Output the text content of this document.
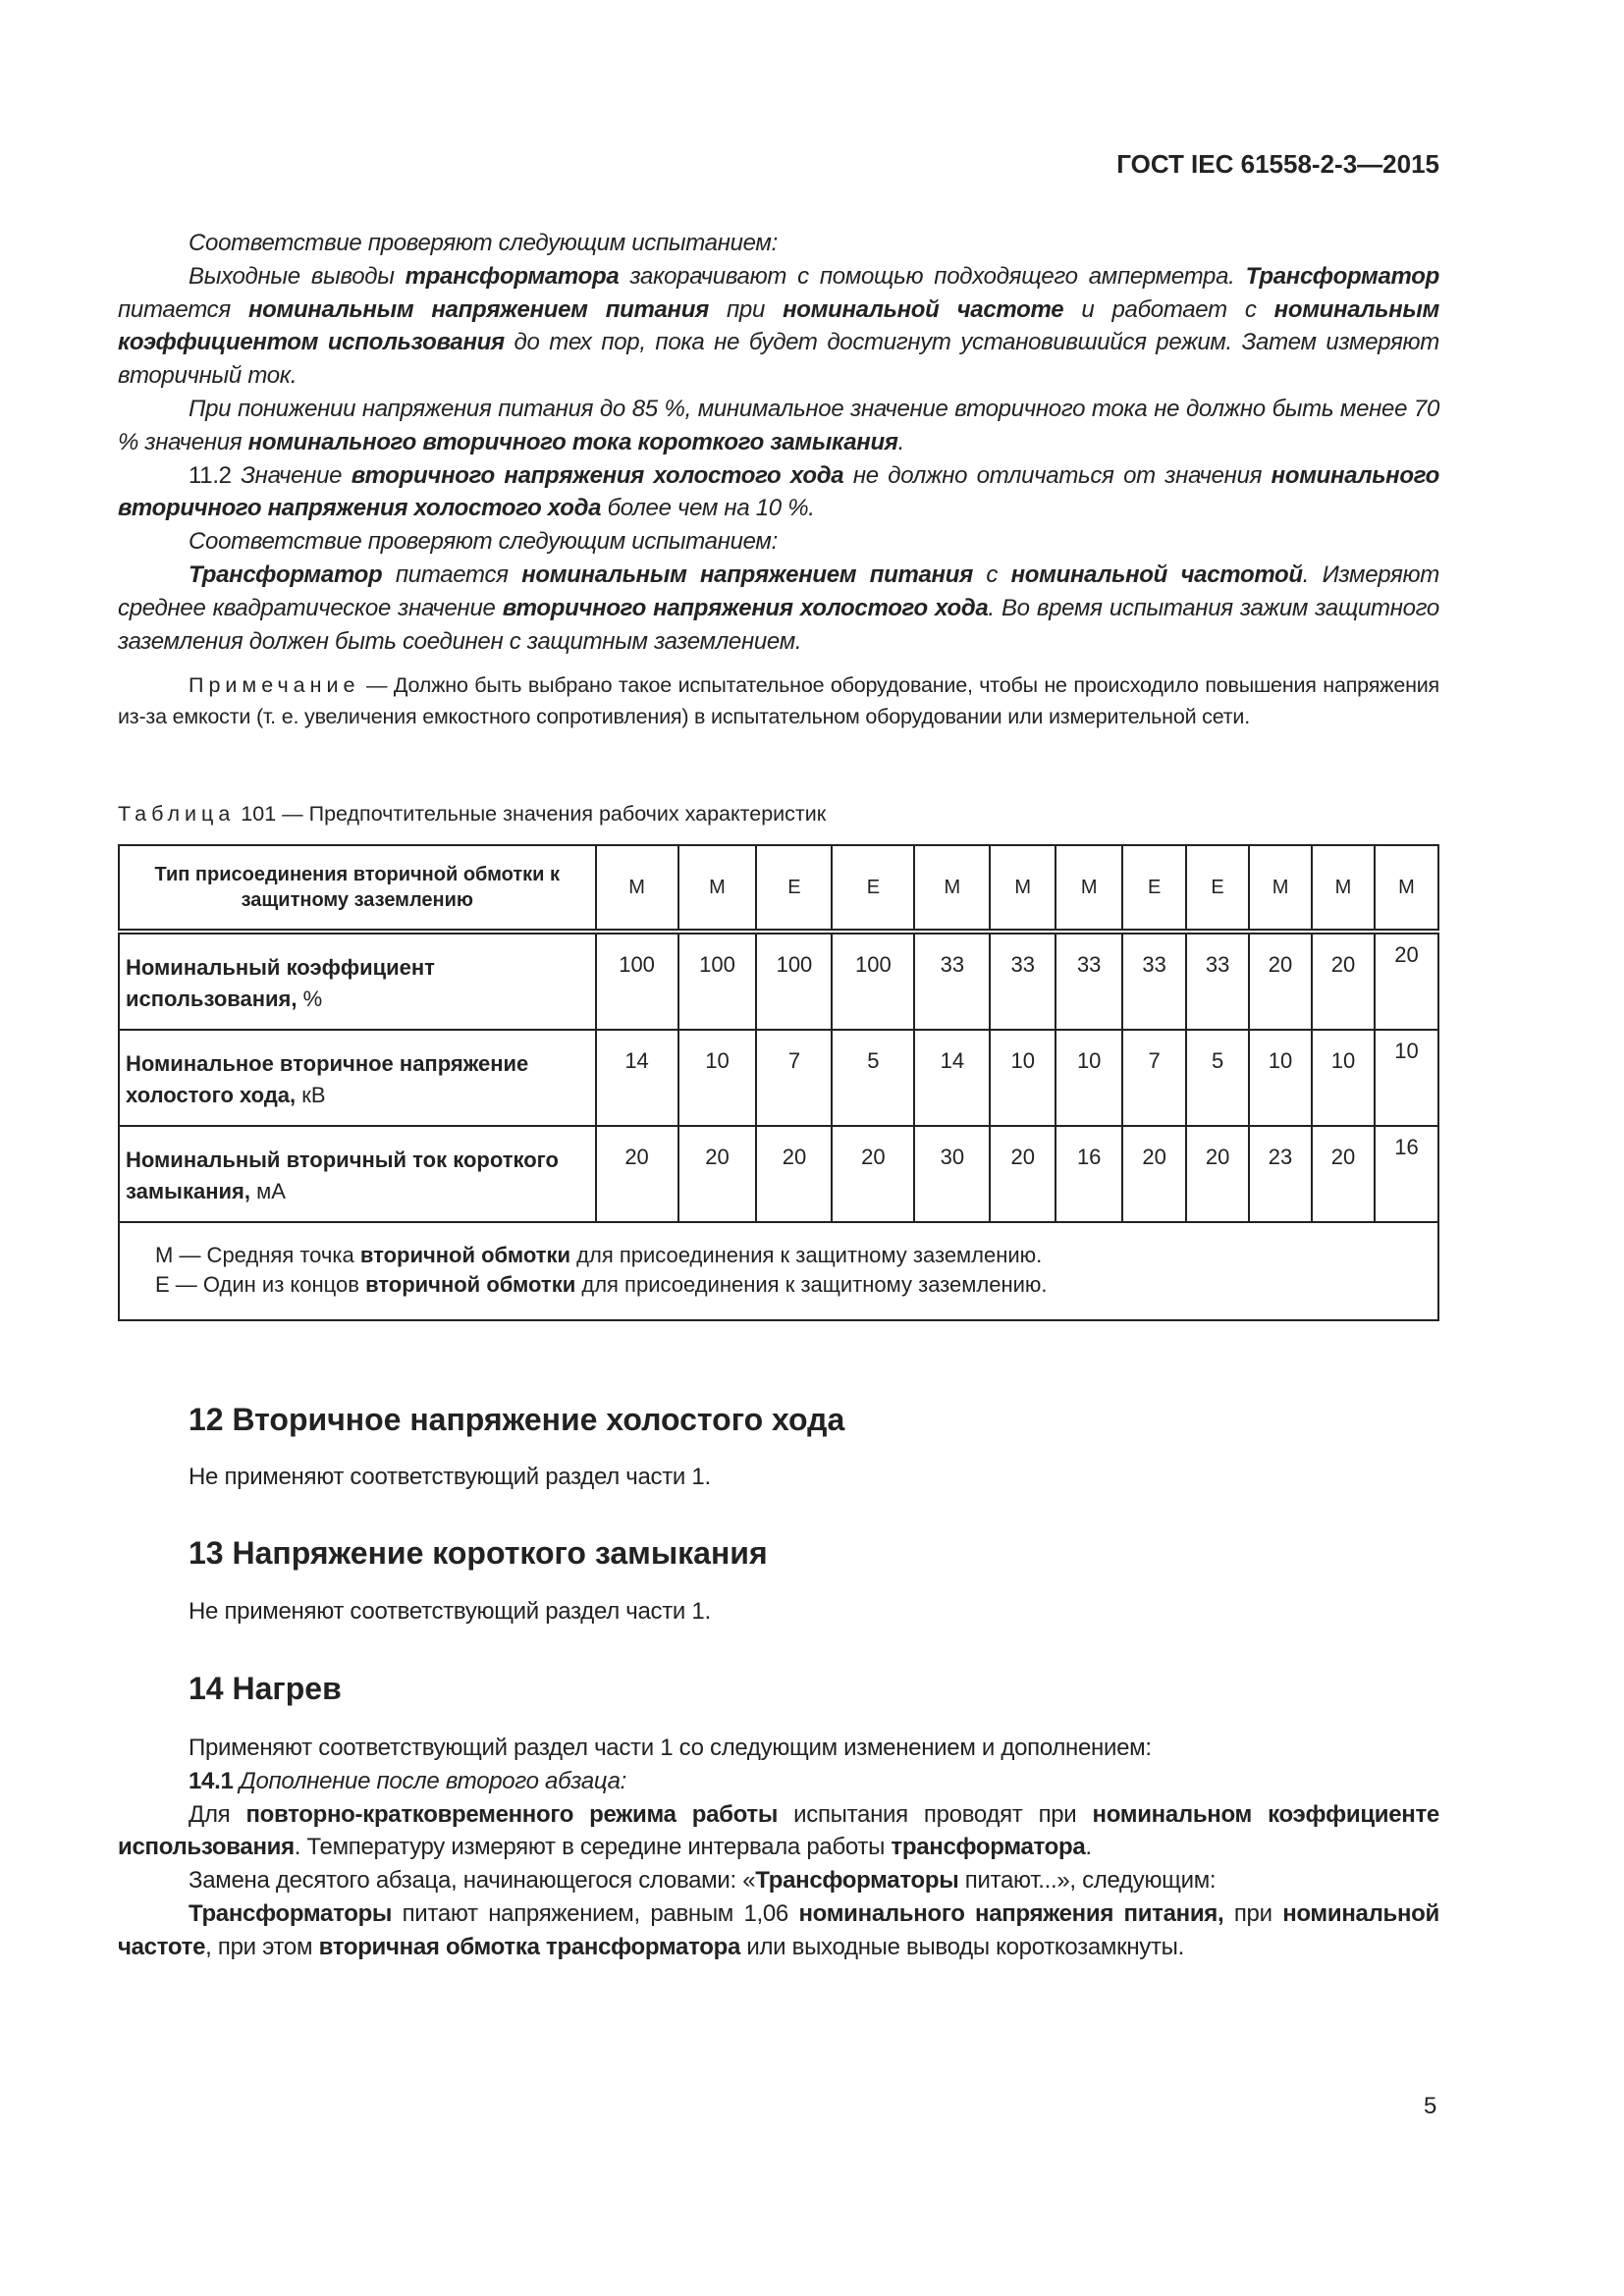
ГОСТ IEC 61558-2-3—2015

Соответствие проверяют следующим испытанием:

Выходные выводы трансформатора закорачивают с помощью подходящего амперметра. Трансформатор питается номинальным напряжением питания при номинальной частоте и работает с номинальным коэффициентом использования до тех пор, пока не будет достигнут установившийся режим. Затем измеряют вторичный ток.

При понижении напряжения питания до 85 %, минимальное значение вторичного тока не должно быть менее 70 % значения номинального вторичного тока короткого замыкания.

11.2 Значение вторичного напряжения холостого хода не должно отличаться от значения номинального вторичного напряжения холостого хода более чем на 10 %.

Соответствие проверяют следующим испытанием:

Трансформатор питается номинальным напряжением питания с номинальной частотой. Измеряют среднее квадратическое значение вторичного напряжения холостого хода. Во время испытания зажим защитного заземления должен быть соединен с защитным заземлением.

Примечание — Должно быть выбрано такое испытательное оборудование, чтобы не происходило повышения напряжения из-за емкости (т. е. увеличения емкостного сопротивления) в испытательном оборудовании или измерительной сети.

Таблица 101 — Предпочтительные значения рабочих характеристик
Тип присоединения вторичной обмотки к защитному заземлению	M	M	E	E	M	M	M	E	E	M	M	M
Номинальный коэффициент использования, %	100	100	100	100	33	33	33	33	33	20	20	20
Номинальное вторичное напряжение холостого хода, кВ	14	10	7	5	14	10	10	7	5	10	10	10
Номинальный вторичный ток короткого замыкания, мА	20	20	20	20	30	20	16	20	20	23	20	16

М — Средняя точка вторичной обмотки для присоединения к защитному заземлению.
Е — Один из концов вторичной обмотки для присоединения к защитному заземлению.												
12 Вторичное напряжение холостого хода

Не применяют соответствующий раздел части 1.

13 Напряжение короткого замыкания

Не применяют соответствующий раздел части 1.

14 Нагрев

Применяют соответствующий раздел части 1 со следующим изменением и дополнением:

14.1 Дополнение после второго абзаца:

Для повторно-кратковременного режима работы испытания проводят при номинальном коэффициенте использования. Температуру измеряют в середине интервала работы трансформатора.

Замена десятого абзаца, начинающегося словами: «Трансформаторы питают...», следующим:

Трансформаторы питают напряжением, равным 1,06 номинального напряжения питания, при номинальной частоте, при этом вторичная обмотка трансформатора или выходные выводы короткозамкнуты.

5
